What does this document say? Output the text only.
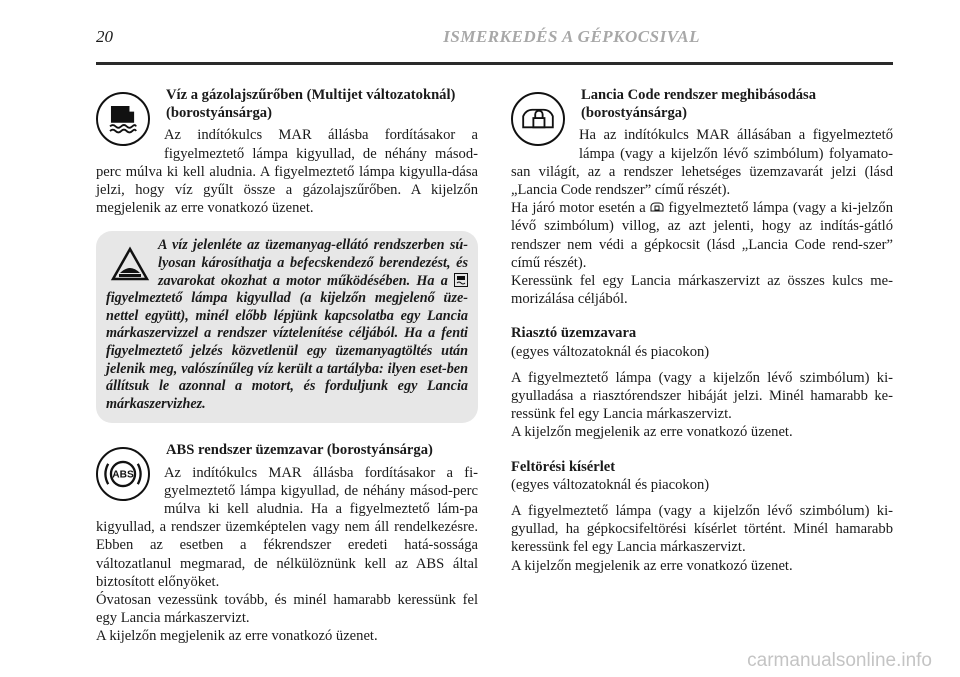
20	ISMERKEDÉS A GÉPKOCSIVAL
Víz a gázolajszűrőben (Multijet változatoknál) (borostyánsárga)

Az indítókulcs MAR állásba fordításakor a figyelmeztető lámpa kigyullad, de néhány másod-perc múlva ki kell aludnia. A figyelmeztető lámpa kigyulla-dása jelzi, hogy víz gyűlt össze a gázolajszűrőben. A kijelzőn megjelenik az erre vonatkozó üzenet.

A víz jelenléte az üzemanyag-ellátó rendszerben sú-lyosan károsíthatja a befecskendező berendezést, és zavarokat okozhat a motor működésében. Ha a  figyelmeztető lámpa kigyullad (a kijelzőn megjelenő üze-nettel együtt), minél előbb lépjünk kapcsolatba egy Lancia márkaszervizzel a rendszer víztelenítése céljából. Ha a fenti figyelmeztető jelzés közvetlenül egy üzemanyagtöltés után jelenik meg, valószínűleg víz került a tartályba: ilyen eset-ben állítsuk le azonnal a motort, és forduljunk egy Lancia márkaszervizhez.
ABS
ABS rendszer üzemzavar (borostyánsárga)

Az indítókulcs MAR állásba fordításakor a fi-gyelmeztető lámpa kigyullad, de néhány másod-perc múlva ki kell aludnia. Ha a figyelmeztető lám-pa kigyullad, a rendszer üzemképtelen vagy nem áll rendelkezésre. Ebben az esetben a fékrendszer eredeti hatá-sossága változatlanul megmarad, de nélkülöznünk kell az ABS által biztosított előnyöket.

Óvatosan vezessünk tovább, és minél hamarabb keressünk fel egy Lancia márkaszervizt.

A kijelzőn megjelenik az erre vonatkozó üzenet.

Lancia Code rendszer meghibásodása (borostyánsárga)

Ha az indítókulcs MAR állásában a figyelmeztető lámpa (vagy a kijelzőn lévő szimbólum) folyamato-san világít, az a rendszer lehetséges üzemzavarát jelzi (lásd „Lancia Code rendszer” című részét).

Ha járó motor esetén a figyelmeztető lámpa (vagy a ki-jelzőn lévő szimbólum) villog, az azt jelenti, hogy az indítás-gátló rendszer nem védi a gépkocsit (lásd „Lancia Code rend-szer” című részét).

Keressünk fel egy Lancia márkaszervizt az összes kulcs me-morizálása céljából.

Riasztó üzemzavara
(egyes változatoknál és piacokon)

A figyelmeztető lámpa (vagy a kijelzőn lévő szimbólum) ki-gyulladása a riasztórendszer hibáját jelzi. Minél hamarabb ke-ressünk fel egy Lancia márkaszervizt.

A kijelzőn megjelenik az erre vonatkozó üzenet.

Feltörési kísérlet
(egyes változatoknál és piacokon)

A figyelmeztető lámpa (vagy a kijelzőn lévő szimbólum) ki-gyullad, ha gépkocsifeltörési kísérlet történt. Minél hamarabb keressünk fel egy Lancia márkaszervizt.

A kijelzőn megjelenik az erre vonatkozó üzenet.

carmanualsonline.info
